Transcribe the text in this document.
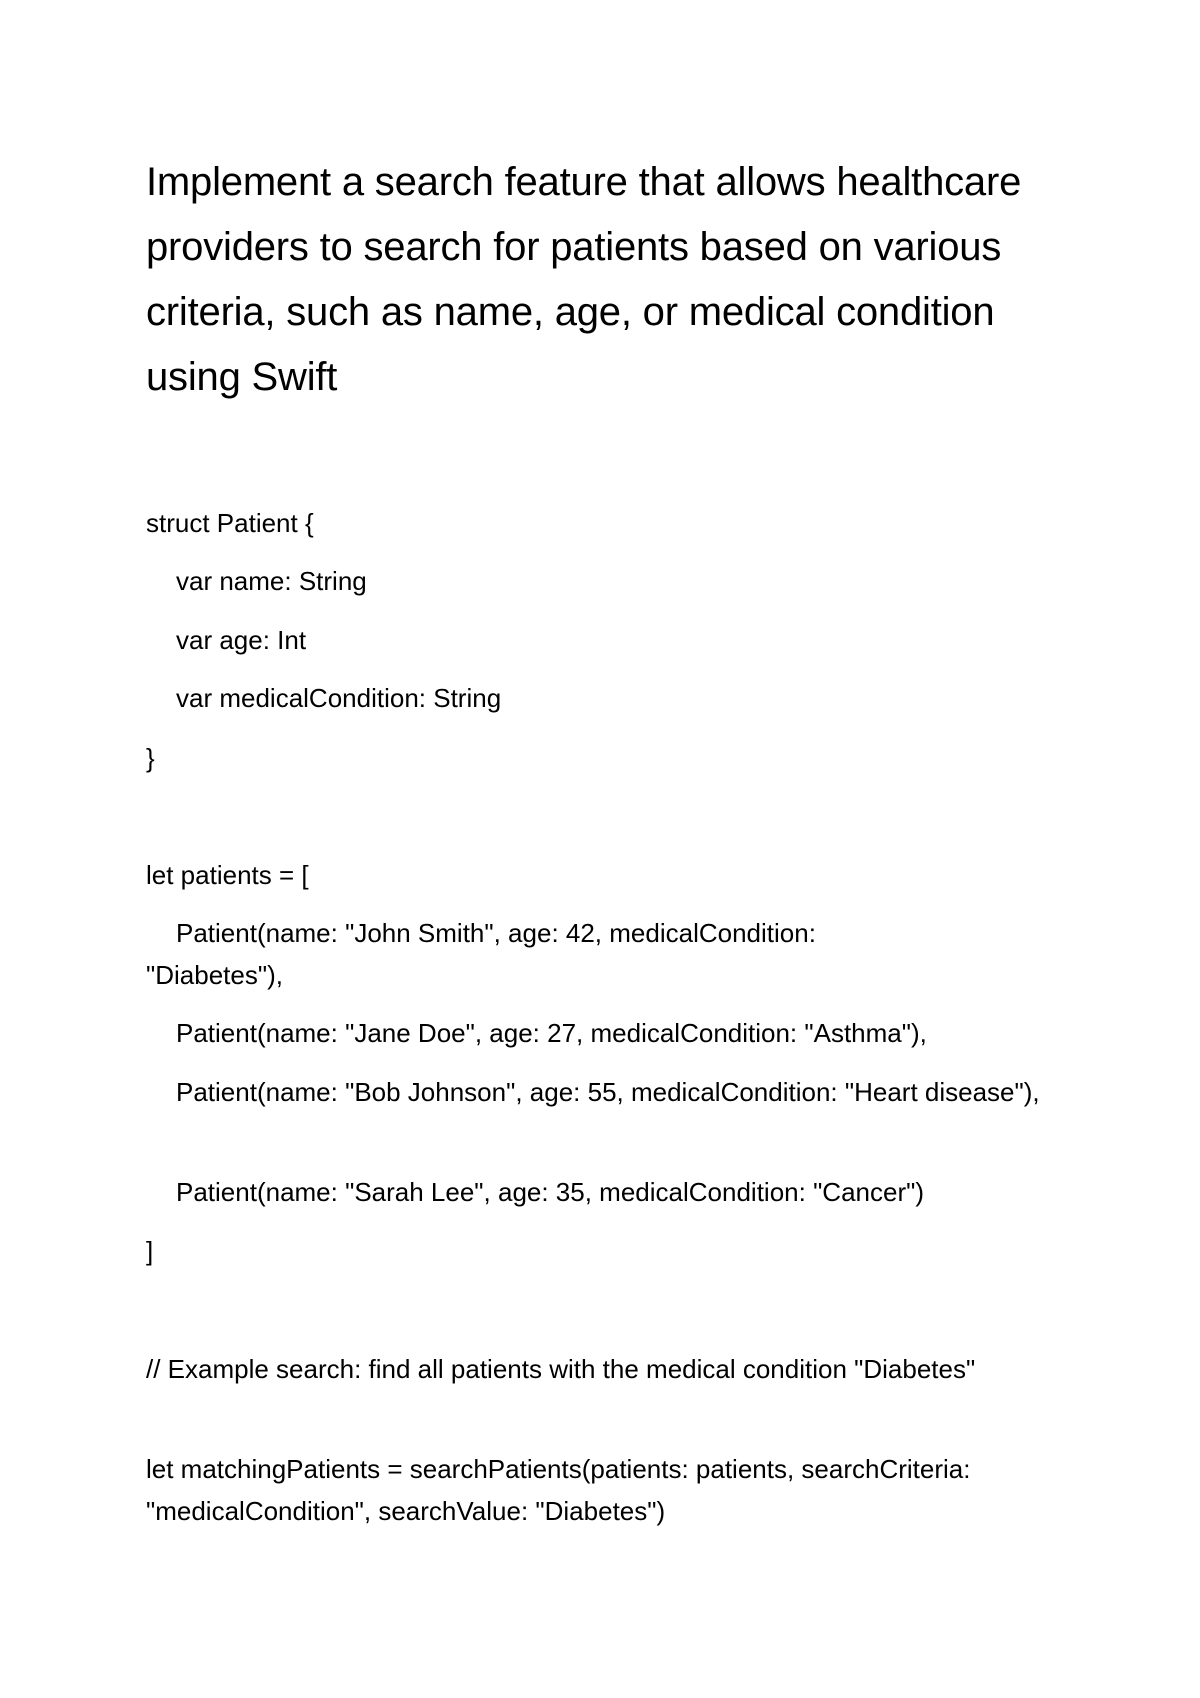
Implement a search feature that allows healthcare providers to search for patients based on various criteria, such as name, age, or medical condition using Swift

struct Patient {

var name: String

var age: Int

var medicalCondition: String

}

let patients = [

Patient(name: "John Smith", age: 42, medicalCondition: "Diabetes"),

Patient(name: "Jane Doe", age: 27, medicalCondition: "Asthma"),

Patient(name: "Bob Johnson", age: 55, medicalCondition: "Heart disease"),

Patient(name: "Sarah Lee", age: 35, medicalCondition: "Cancer")

]

// Example search: find all patients with the medical condition "Diabetes"

let matchingPatients = searchPatients(patients: patients, searchCriteria: "medicalCondition", searchValue: "Diabetes")
